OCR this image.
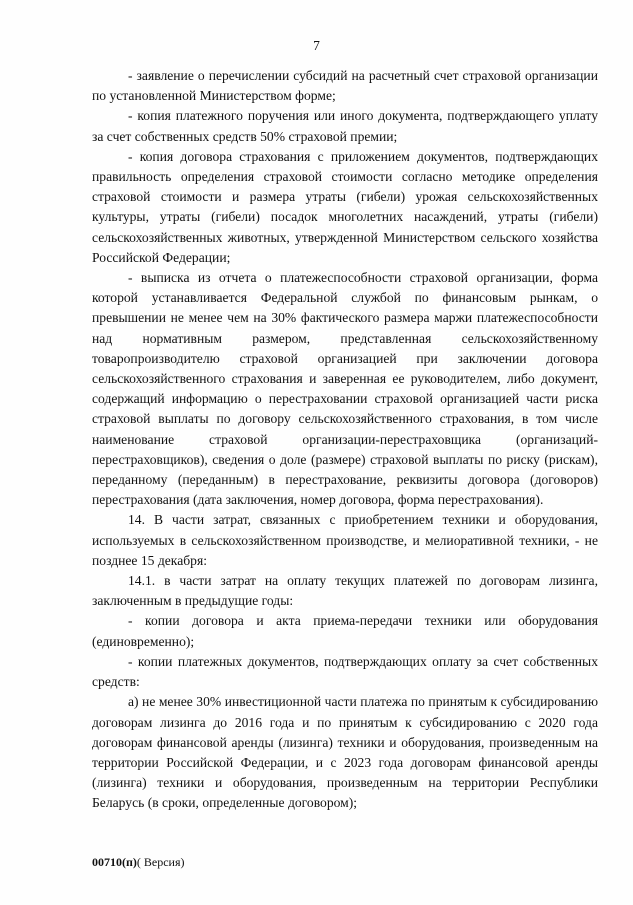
7

- заявление о перечислении субсидий на расчетный счет страховой организации по установленной Министерством форме;

- копия платежного поручения или иного документа, подтверждающего уплату за счет собственных средств 50% страховой премии;

- копия договора страхования с приложением документов, подтверждающих правильность определения страховой стоимости согласно методике определения страховой стоимости и размера утраты (гибели) урожая сельскохозяйственных культуры, утраты (гибели) посадок многолетних насаждений, утраты (гибели) сельскохозяйственных животных, утвержденной Министерством сельского хозяйства Российской Федерации;

- выписка из отчета о платежеспособности страховой организации, форма которой устанавливается Федеральной службой по финансовым рынкам, о превышении не менее чем на 30% фактического размера маржи платежеспособности над нормативным размером, представленная сельскохозяйственному товаропроизводителю страховой организацией при заключении договора сельскохозяйственного страхования и заверенная ее руководителем, либо документ, содержащий информацию о перестраховании страховой организацией части риска страховой выплаты по договору сельскохозяйственного страхования, в том числе наименование страховой организации-перестраховщика (организаций-перестраховщиков), сведения о доле (размере) страховой выплаты по риску (рискам), переданному (переданным) в перестрахование, реквизиты договора (договоров) перестрахования (дата заключения, номер договора, форма перестрахования).

14. В части затрат, связанных с приобретением техники и оборудования, используемых в сельскохозяйственном производстве, и мелиоративной техники, - не позднее 15 декабря:

14.1. в части затрат на оплату текущих платежей по договорам лизинга, заключенным в предыдущие годы:

- копии договора и акта приема-передачи техники или оборудования (единовременно);

- копии платежных документов, подтверждающих оплату за счет собственных средств:

а) не менее 30% инвестиционной части платежа по принятым к субсидированию договорам лизинга до 2016 года и по принятым к субсидированию с 2020 года договорам финансовой аренды (лизинга) техники и оборудования, произведенным на территории Российской Федерации, и с 2023 года договорам финансовой аренды (лизинга) техники и оборудования, произведенным на территории Республики Беларусь (в сроки, определенные договором);

00710(п)( Версия)
